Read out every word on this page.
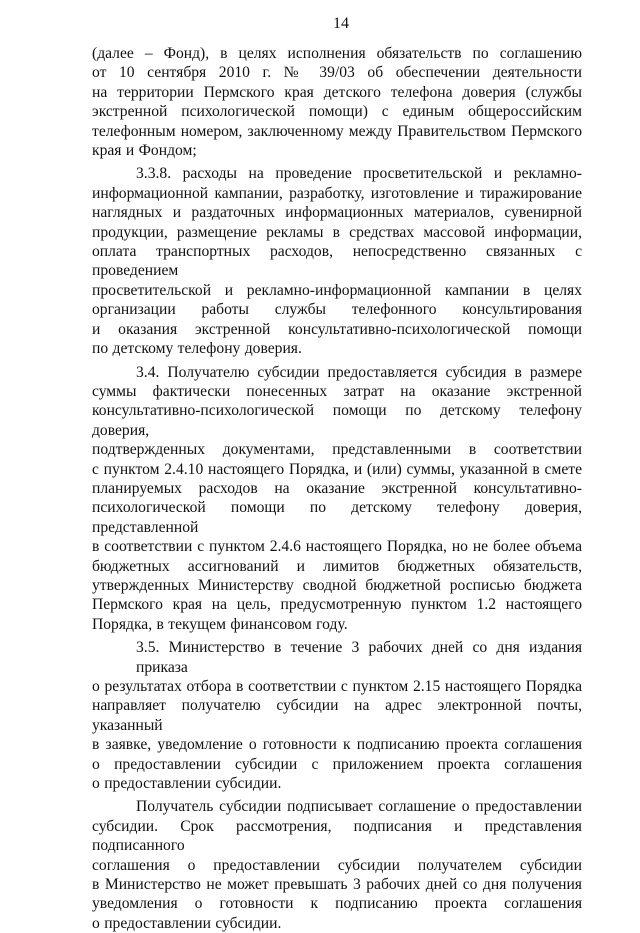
14
(далее – Фонд), в целях исполнения обязательств по соглашению
от 10 сентября 2010 г. № 39/03 об обеспечении деятельности
на территории Пермского края детского телефона доверия (службы
экстренной психологической помощи) с единым общероссийским
телефонным номером, заключенному между Правительством Пермского
края и Фондом;
3.3.8. расходы на проведение просветительской и рекламно-
информационной кампании, разработку, изготовление и тиражирование
наглядных и раздаточных информационных материалов, сувенирной
продукции, размещение рекламы в средствах массовой информации,
оплата транспортных расходов, непосредственно связанных с проведением
просветительской и рекламно-информационной кампании в целях
организации работы службы телефонного консультирования
и оказания экстренной консультативно-психологической помощи
по детскому телефону доверия.
3.4. Получателю субсидии предоставляется субсидия в размере
суммы фактически понесенных затрат на оказание экстренной
консультативно-психологической помощи по детскому телефону доверия,
подтвержденных документами, представленными в соответствии
с пунктом 2.4.10 настоящего Порядка, и (или) суммы, указанной в смете
планируемых расходов на оказание экстренной консультативно-
психологической помощи по детскому телефону доверия, представленной
в соответствии с пунктом 2.4.6 настоящего Порядка, но не более объема
бюджетных ассигнований и лимитов бюджетных обязательств,
утвержденных Министерству сводной бюджетной росписью бюджета
Пермского края на цель, предусмотренную пунктом 1.2 настоящего
Порядка, в текущем финансовом году.
3.5. Министерство в течение 3 рабочих дней со дня издания приказа
о результатах отбора в соответствии с пунктом 2.15 настоящего Порядка
направляет получателю субсидии на адрес электронной почты, указанный
в заявке, уведомление о готовности к подписанию проекта соглашения
о предоставлении субсидии с приложением проекта соглашения
о предоставлении субсидии.
Получатель субсидии подписывает соглашение о предоставлении
субсидии. Срок рассмотрения, подписания и представления подписанного
соглашения о предоставлении субсидии получателем субсидии
в Министерство не может превышать 3 рабочих дней со дня получения
уведомления о готовности к подписанию проекта соглашения
о предоставлении субсидии.
